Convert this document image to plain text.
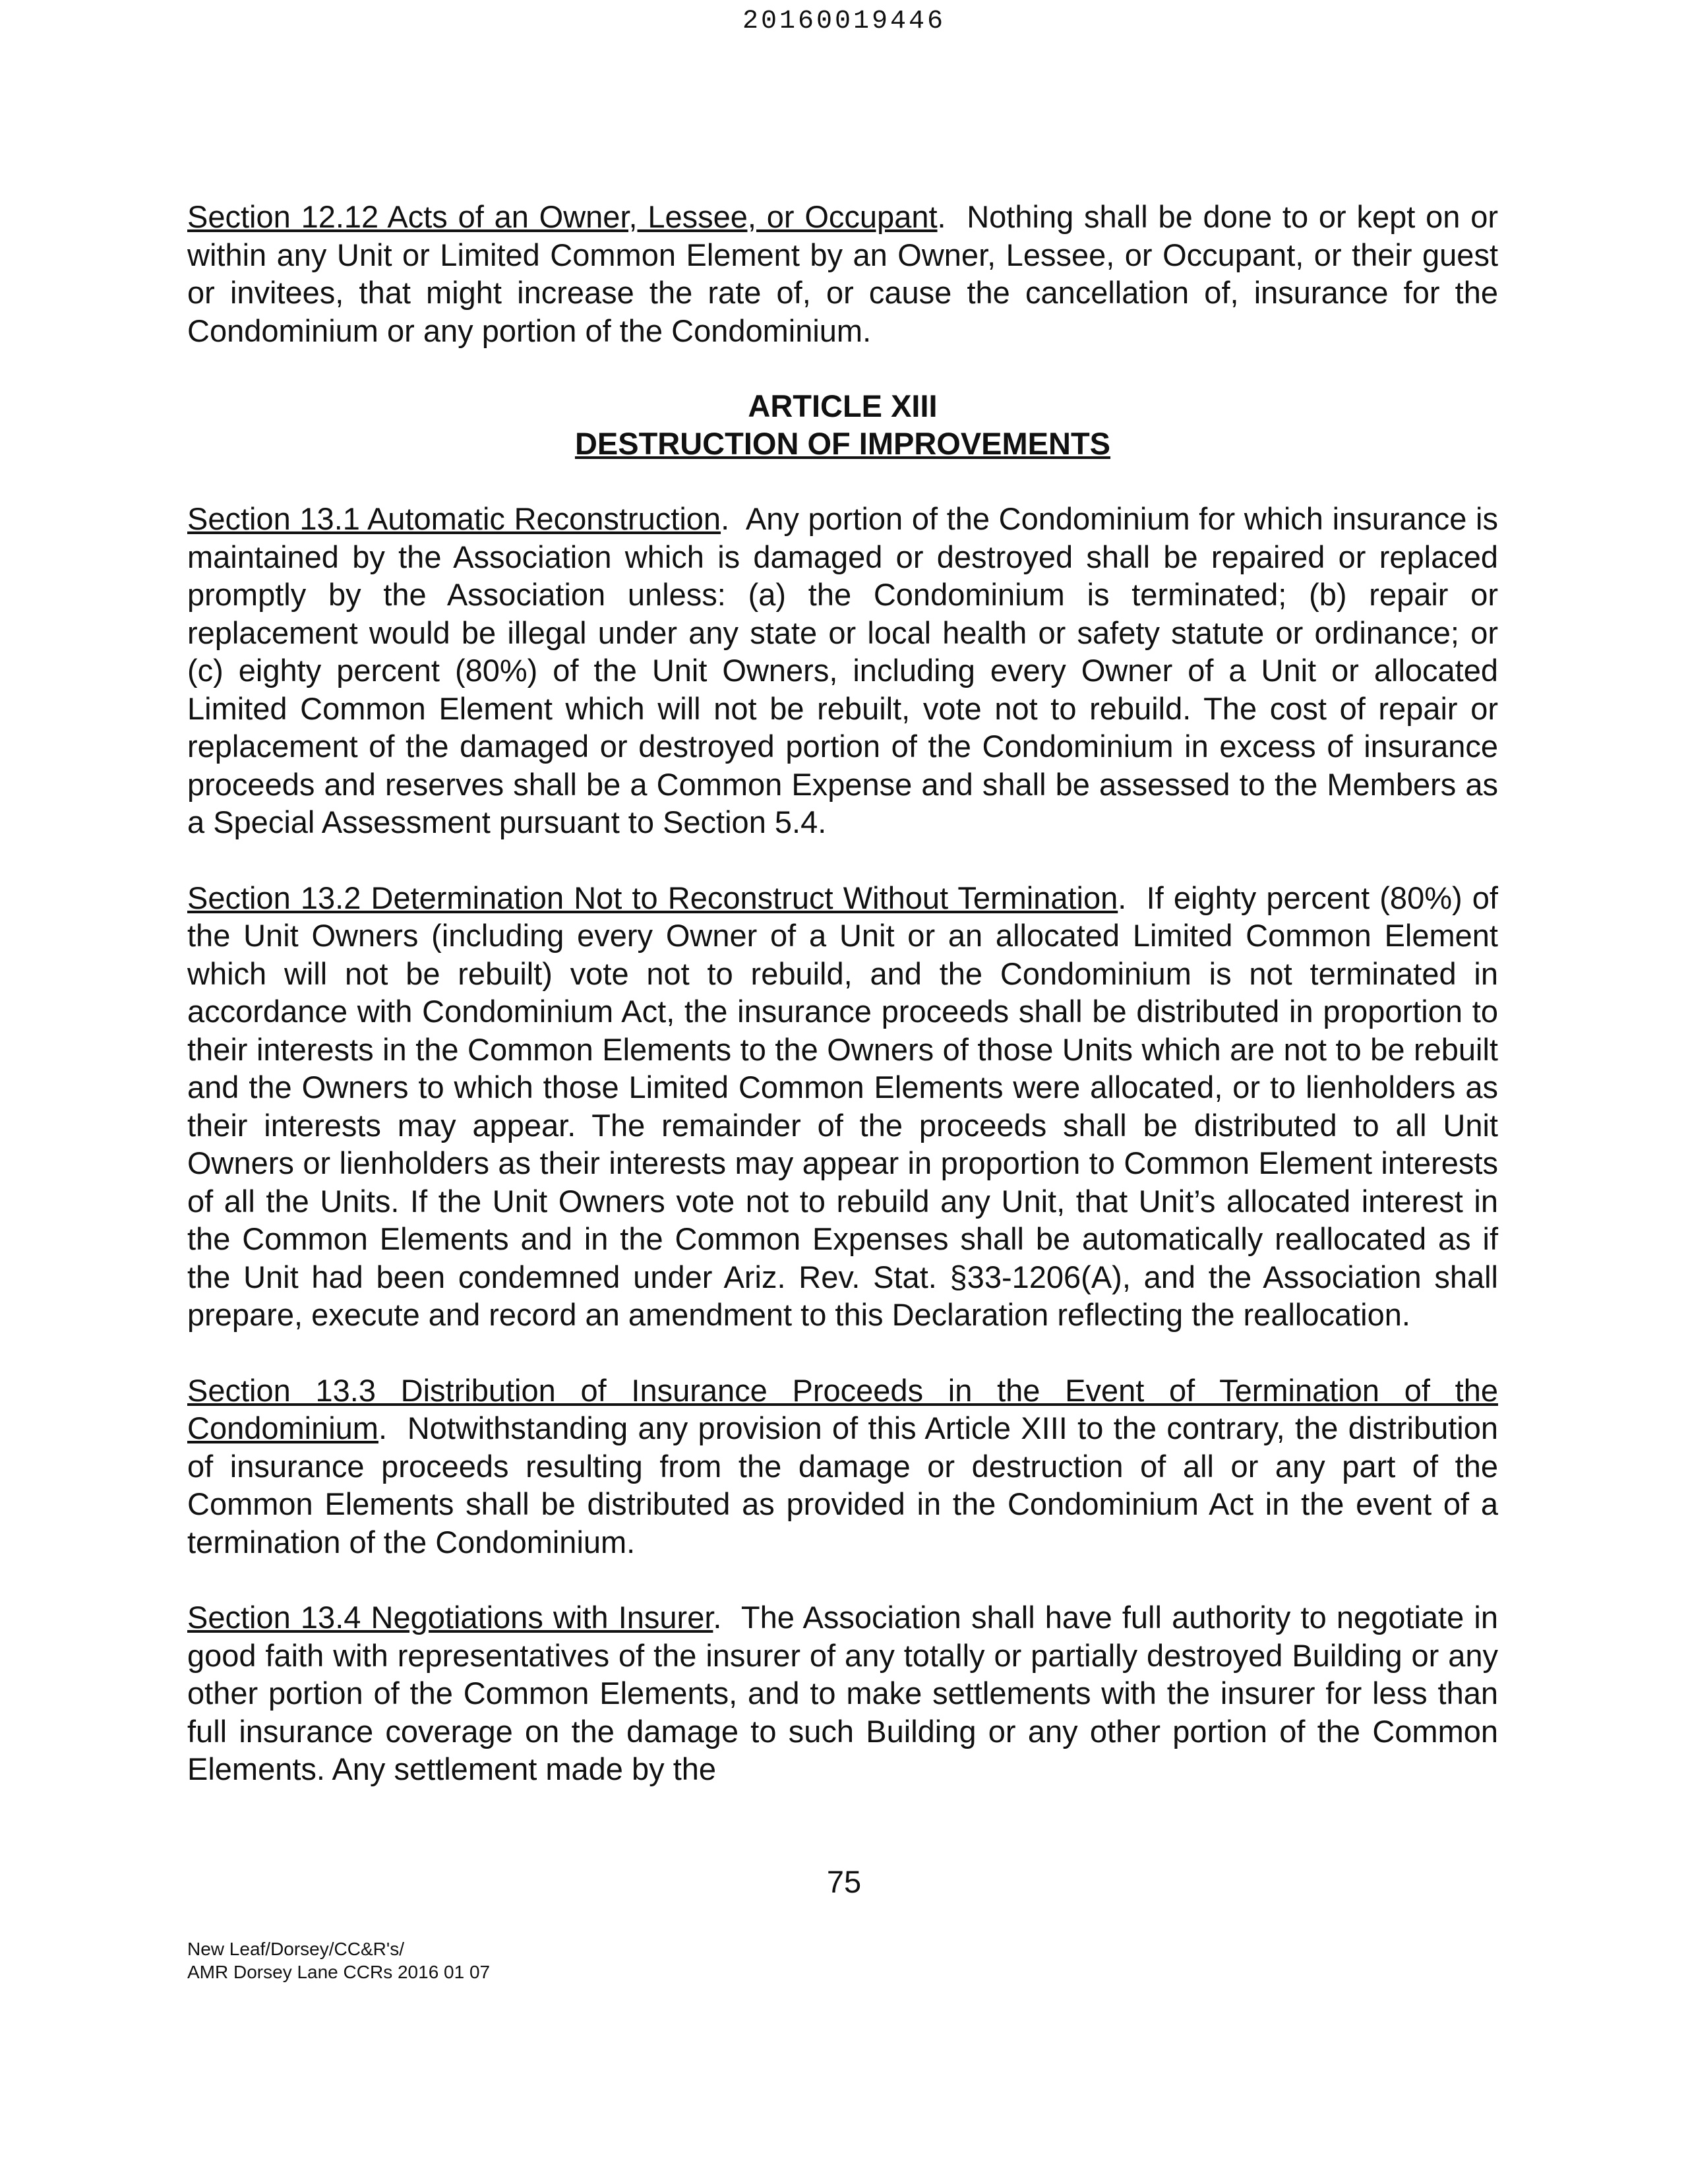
20160019446

Section 12.12 Acts of an Owner, Lessee, or Occupant.  Nothing shall be done to or kept on or within any Unit or Limited Common Element by an Owner, Lessee, or Occupant, or their guest or invitees, that might increase the rate of, or cause the cancellation of, insurance for the Condominium or any portion of the Condominium.

ARTICLE XIII
DESTRUCTION OF IMPROVEMENTS

Section 13.1 Automatic Reconstruction.  Any portion of the Condominium for which insurance is maintained by the Association which is damaged or destroyed shall be repaired or replaced promptly by the Association unless: (a) the Condominium is terminated; (b) repair or replacement would be illegal under any state or local health or safety statute or ordinance; or (c) eighty percent (80%) of the Unit Owners, including every Owner of a Unit or allocated Limited Common Element which will not be rebuilt, vote not to rebuild. The cost of repair or replacement of the damaged or destroyed portion of the Condominium in excess of insurance proceeds and reserves shall be a Common Expense and shall be assessed to the Members as a Special Assessment pursuant to Section 5.4.

Section 13.2 Determination Not to Reconstruct Without Termination.  If eighty percent (80%) of the Unit Owners (including every Owner of a Unit or an allocated Limited Common Element which will not be rebuilt) vote not to rebuild, and the Condominium is not terminated in accordance with Condominium Act, the insurance proceeds shall be distributed in proportion to their interests in the Common Elements to the Owners of those Units which are not to be rebuilt and the Owners to which those Limited Common Elements were allocated, or to lienholders as their interests may appear. The remainder of the proceeds shall be distributed to all Unit Owners or lienholders as their interests may appear in proportion to Common Element interests of all the Units. If the Unit Owners vote not to rebuild any Unit, that Unit’s allocated interest in the Common Elements and in the Common Expenses shall be automatically reallocated as if the Unit had been condemned under Ariz. Rev. Stat. §33-1206(A), and the Association shall prepare, execute and record an amendment to this Declaration reflecting the reallocation.

Section 13.3 Distribution of Insurance Proceeds in the Event of Termination of the Condominium.  Notwithstanding any provision of this Article XIII to the contrary, the distribution of insurance proceeds resulting from the damage or destruction of all or any part of the Common Elements shall be distributed as provided in the Condominium Act in the event of a termination of the Condominium.

Section 13.4 Negotiations with Insurer.  The Association shall have full authority to negotiate in good faith with representatives of the insurer of any totally or partially destroyed Building or any other portion of the Common Elements, and to make settlements with the insurer for less than full insurance coverage on the damage to such Building or any other portion of the Common Elements. Any settlement made by the

75
New Leaf/Dorsey/CC&R's/
AMR Dorsey Lane CCRs 2016 01 07
